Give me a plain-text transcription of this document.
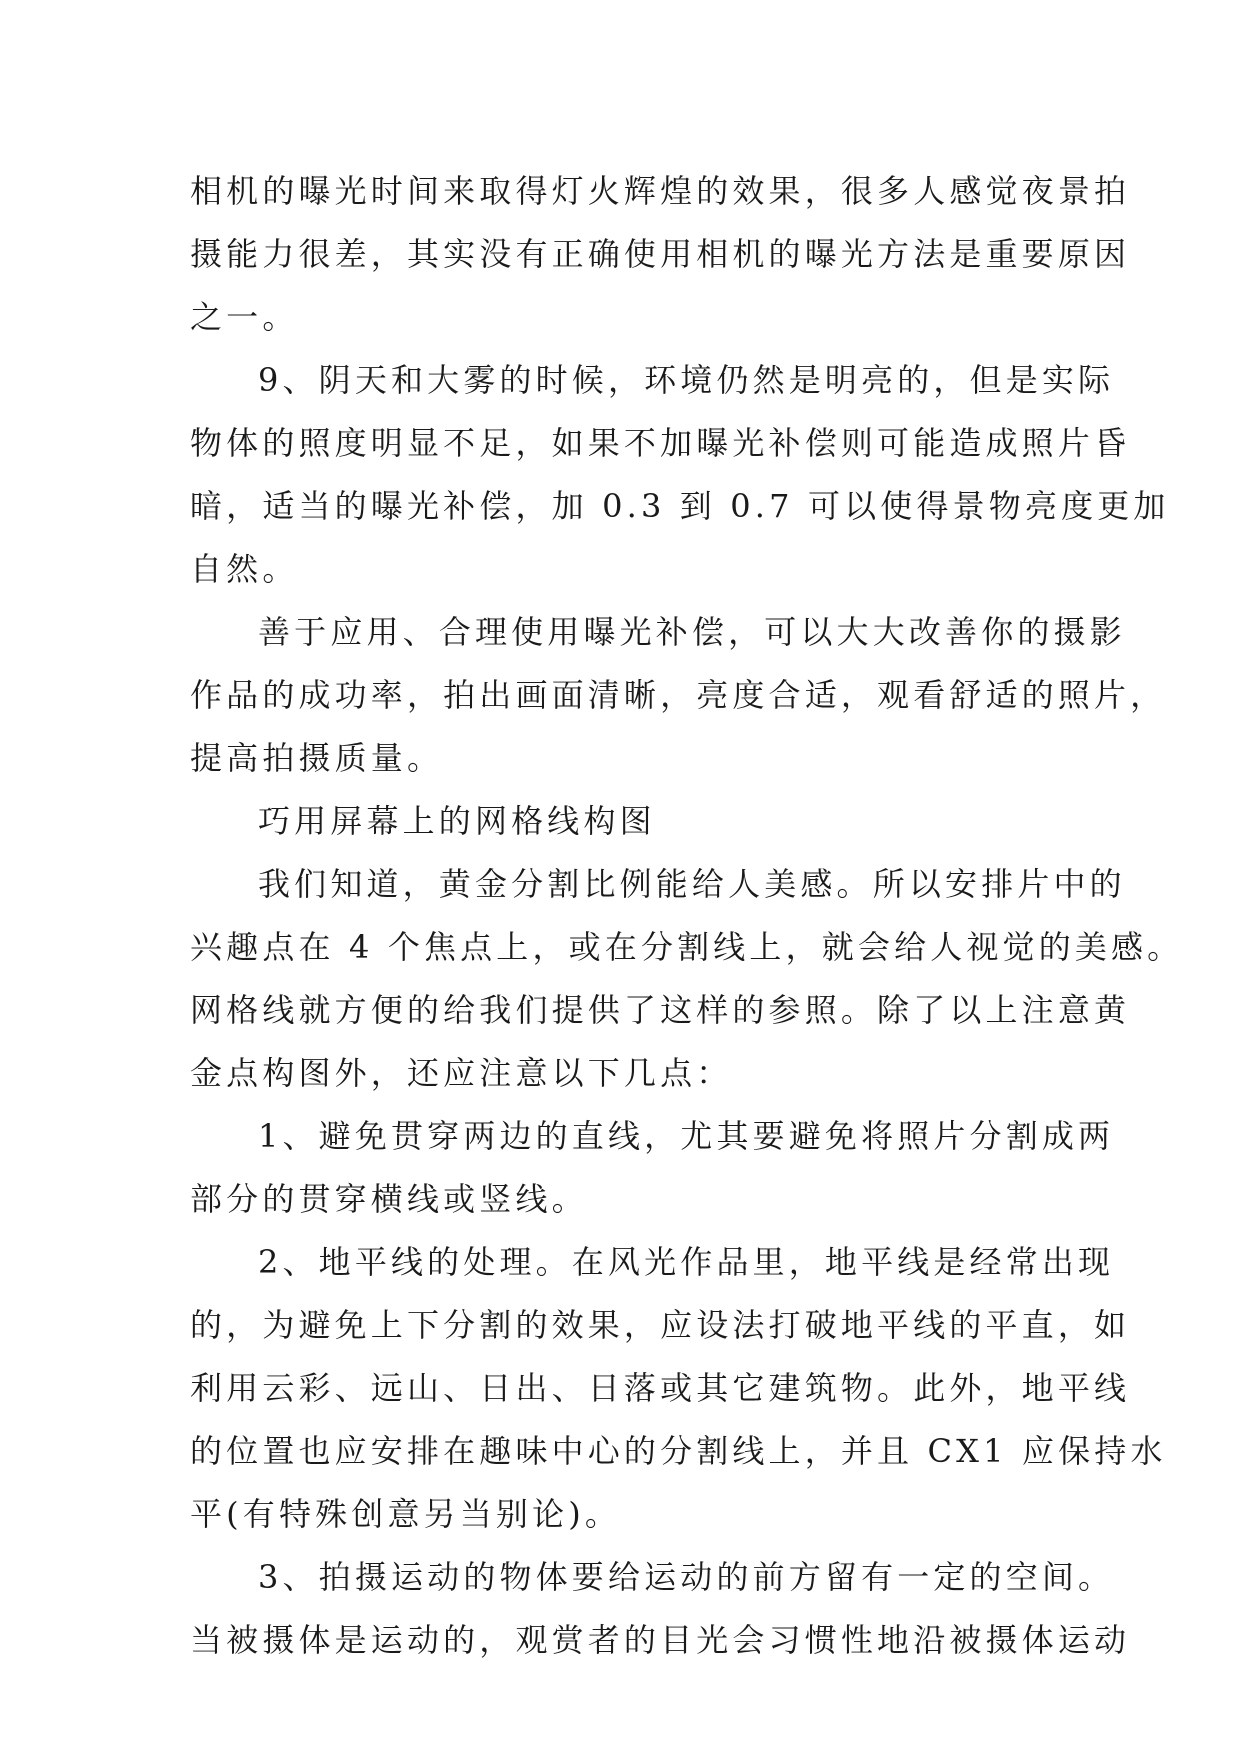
相机的曝光时间来取得灯火辉煌的效果，很多人感觉夜景拍

摄能力很差，其实没有正确使用相机的曝光方法是重要原因

之一。

9、阴天和大雾的时候，环境仍然是明亮的，但是实际

物体的照度明显不足，如果不加曝光补偿则可能造成照片昏

暗，适当的曝光补偿，加 0.3 到 0.7 可以使得景物亮度更加

自然。

善于应用、合理使用曝光补偿，可以大大改善你的摄影

作品的成功率，拍出画面清晰，亮度合适，观看舒适的照片，

提高拍摄质量。

巧用屏幕上的网格线构图

我们知道，黄金分割比例能给人美感。所以安排片中的

兴趣点在 4 个焦点上，或在分割线上，就会给人视觉的美感。

网格线就方便的给我们提供了这样的参照。除了以上注意黄

金点构图外，还应注意以下几点：

1、避免贯穿两边的直线，尤其要避免将照片分割成两

部分的贯穿横线或竖线。

2、地平线的处理。在风光作品里，地平线是经常出现

的，为避免上下分割的效果，应设法打破地平线的平直，如

利用云彩、远山、日出、日落或其它建筑物。此外，地平线

的位置也应安排在趣味中心的分割线上，并且 CX1 应保持水

平(有特殊创意另当别论)。

3、拍摄运动的物体要给运动的前方留有一定的空间。

当被摄体是运动的，观赏者的目光会习惯性地沿被摄体运动
